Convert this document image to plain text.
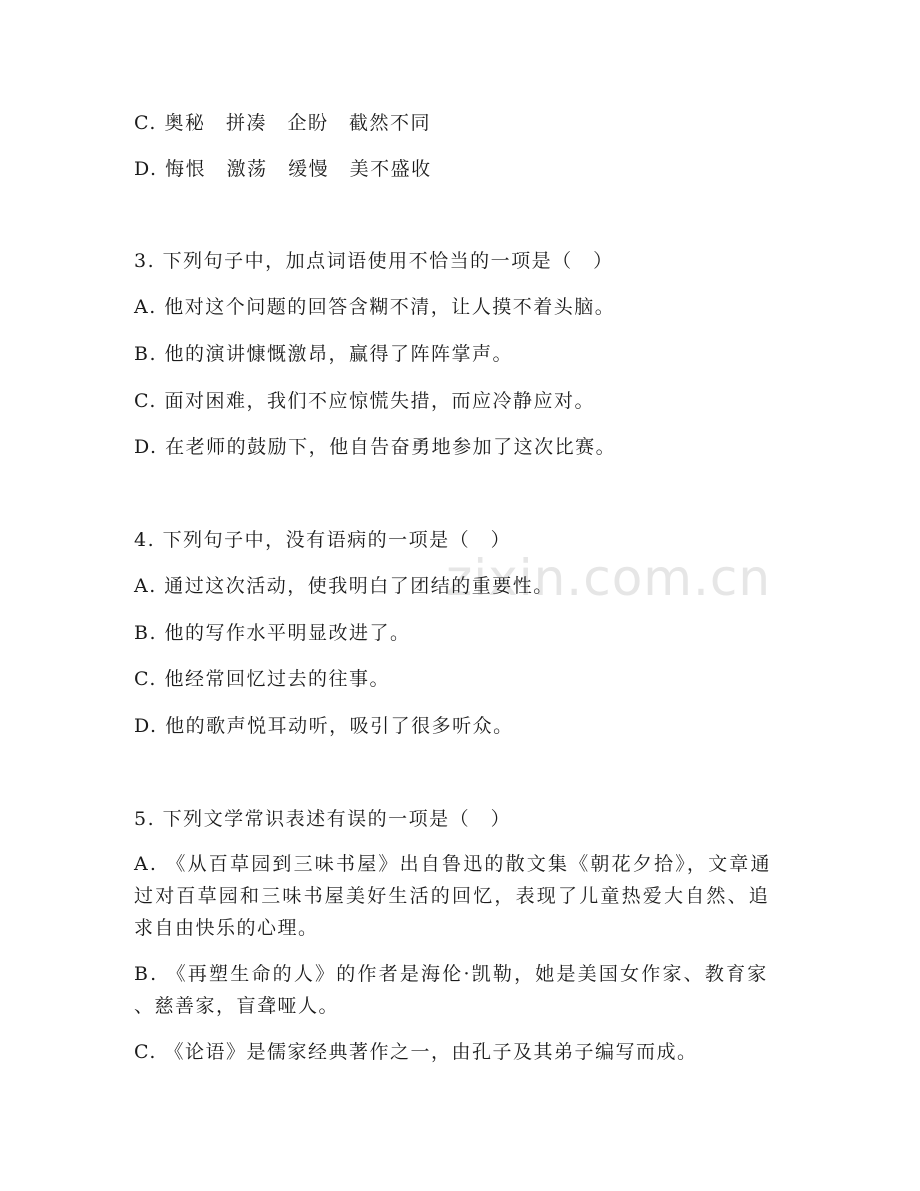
zixin.com.cn
C. 奥秘　拼凑　企盼　截然不同
D. 悔恨　激荡　缓慢　美不盛收
3. 下列句子中，加点词语使用不恰当的一项是（　）
A. 他对这个问题的回答含糊不清，让人摸不着头脑。
B. 他的演讲慷慨激昂，赢得了阵阵掌声。
C. 面对困难，我们不应惊慌失措，而应冷静应对。
D. 在老师的鼓励下，他自告奋勇地参加了这次比赛。
4. 下列句子中，没有语病的一项是（　）
A. 通过这次活动，使我明白了团结的重要性。
B. 他的写作水平明显改进了。
C. 他经常回忆过去的往事。
D. 他的歌声悦耳动听，吸引了很多听众。
5. 下列文学常识表述有误的一项是（　）
A. 《从百草园到三味书屋》出自鲁迅的散文集《朝花夕拾》，文章通
过对百草园和三味书屋美好生活的回忆，表现了儿童热爱大自然、追
求自由快乐的心理。
B. 《再塑生命的人》的作者是海伦·凯勒，她是美国女作家、教育家
、慈善家，盲聋哑人。
C. 《论语》是儒家经典著作之一，由孔子及其弟子编写而成。
